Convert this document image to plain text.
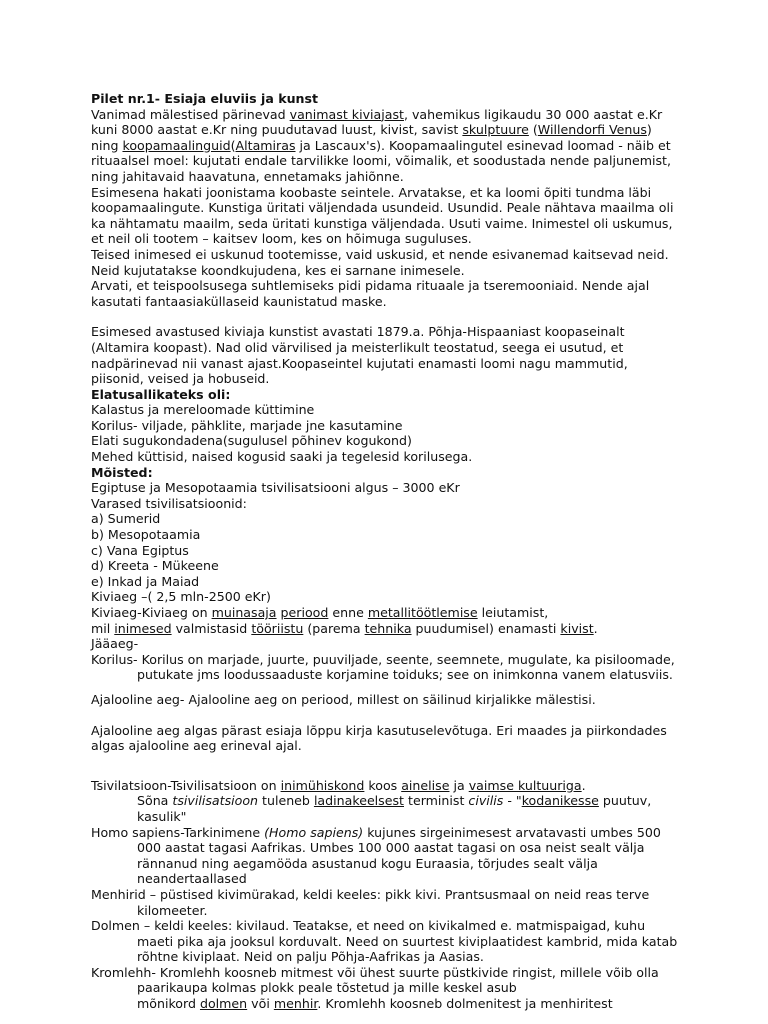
Pilet nr.1- Esiaja eluviis ja kunst
Vanimad mälestised pärinevad vanimast kiviajast, vahemikus ligikaudu 30 000 aastat e.Kr kuni 8000 aastat e.Kr ning puudutavad luust, kivist, savist skulptuure (Willendorfi Venus) ning koopamaalinguid(Altamiras ja Lascaux's). Koopamaalingutel esinevad loomad - näib et rituaalsel moel: kujutati endale tarvilikke loomi, võimalik, et soodustada nende paljunemist, ning jahitavaid haavatuna, ennetamaks jahiõnne.
Esimesena hakati joonistama koobaste seintele. Arvatakse, et ka loomi õpiti tundma läbi koopamaalingute. Kunstiga üritati väljendada usundeid. Usundid. Peale nähtava maailma oli ka nähtamatu maailm, seda üritati kunstiga väljendada. Usuti vaime. Inimestel oli uskumus, et neil oli tootem – kaitsev loom, kes on hõimuga suguluses.
Teised inimesed ei uskunud tootemisse, vaid uskusid, et nende esivanemad kaitsevad neid. Neid kujutatakse koondkujudena, kes ei sarnane inimesele.
Arvati, et teispoolsusega suhtlemiseks pidi pidama rituaale ja tseremooniaid. Nende ajal kasutati fantaasiaküllaseid kaunistatud maske.
Esimesed avastused kiviaja kunstist avastati 1879.a. Põhja-Hispaaniast koopaseinalt (Altamira koopast). Nad olid värvilised ja meisterlikult teostatud, seega ei usutud, et nadpärinevad nii vanast ajast.Koopaseintel kujutati enamasti loomi nagu mammutid, piisonid, veised ja hobuseid.
Elatusallikateks oli:
Kalastus ja mereloomade küttimine
Korilus- viljade, pähklite, marjade jne kasutamine
Elati sugukondadena(sugulusel põhinev kogukond)
Mehed küttisid, naised kogusid saaki ja tegelesid korilusega.
Mõisted:
Egiptuse ja Mesopotaamia tsivilisatsiooni algus – 3000 eKr
Varased tsivilisatsioonid:
a) Sumerid
b) Mesopotaamia
c) Vana Egiptus
d) Kreeta - Mükeene
e) Inkad ja Maiad
Kiviaeg –( 2,5 mln-2500 eKr)
Kiviaeg-Kiviaeg on muinasaja periood enne metallitöötlemise leiutamist,
mil inimesed valmistasid tööriistu (parema tehnika puudumisel) enamasti kivist.
Jääaeg-
Korilus- Korilus on marjade, juurte, puuviljade, seente, seemnete, mugulate, ka pisiloomade, putukate jms loodussaaduste korjamine toiduks; see on inimkonna vanem elatusviis.
Ajalooline aeg- Ajalooline aeg on periood, millest on säilinud kirjalikke mälestisi.
Ajalooline aeg algas pärast esiaja lõppu kirja kasutuselevõtuga. Eri maades ja piirkondades algas ajalooline aeg erineval ajal.
Tsivilatsioon-Tsivilisatsioon on inimühiskond koos ainelise ja vaimse kultuuriga.
Sõna tsivilisatsioon tuleneb ladinakeelsest terminist civilis - "kodanikesse puutuv, kasulik"
Homo sapiens-Tarkinimene (Homo sapiens) kujunes sirgeinimesest arvatavasti umbes 500 000 aastat tagasi Aafrikas. Umbes 100 000 aastat tagasi on osa neist sealt välja rännanud ning aegamööda asustanud kogu Euraasia, tõrjudes sealt välja neandertaallased
Menhirid – püstised kivimürakad, keldi keeles: pikk kivi. Prantsusmaal on neid reas terve kilomeeter.
Dolmen – keldi keeles: kivilaud. Teatakse, et need on kivikalmed e. matmispaigad, kuhu maeti pika aja jooksul korduvalt. Need on suurtest kiviplaatidest kambrid, mida katab rõhtne kiviplaat. Neid on palju Põhja-Aafrikas ja Aasias.
Kromlehh- Kromlehh koosneb mitmest või ühest suurte püstkivide ringist, millele võib olla paarikaupa kolmas plokk peale tõstetud ja mille keskel asub
mõnikord dolmen või menhir. Kromlehh koosneb dolmenitest ja menhiritest
